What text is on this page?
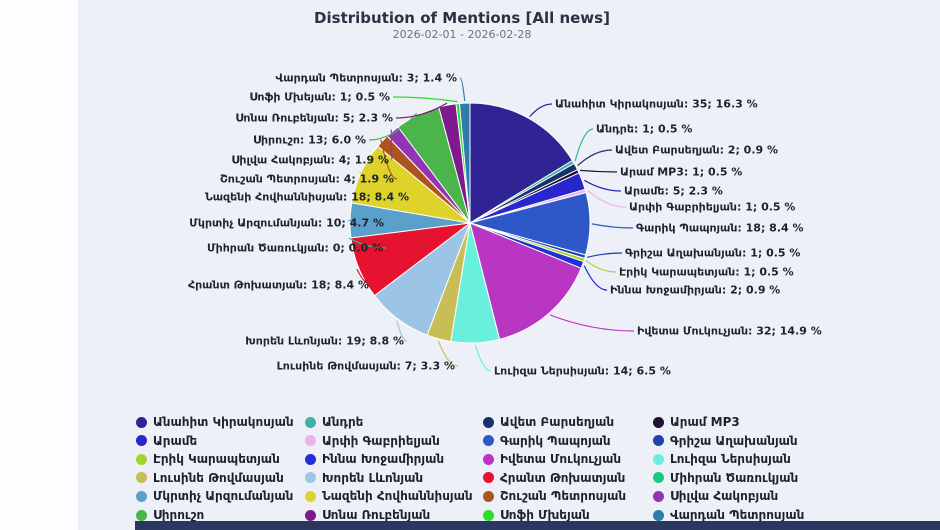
Distribution of Mentions [All news]
2026-02-01 - 2026-02-28
Անահիտ Կիրակոսյան: 35; 16.3 %
Անդրե: 1; 0.5 %
Ավետ Բարսեղյան: 2; 0.9 %
Արամ MP3: 1; 0.5 %
Արամե: 5; 2.3 %
Արփի Գաբրիելյան: 1; 0.5 %
Գարիկ Պապոյան: 18; 8.4 %
Գրիշա Աղախանյան: 1; 0.5 %
Էրիկ Կարապետյան: 1; 0.5 %
Իննա Խոջամիրյան: 2; 0.9 %
Իվետա Մուկուչյան: 32; 14.9 %
Լուիզա Ներսիսյան: 14; 6.5 %
Լուսինե Թովմասյան: 7; 3.3 %
Խորեն Լևոնյան: 19; 8.8 %
Հրանտ Թոխատյան: 18; 8.4 %
Միհրան Ծառուկյան: 0; 0.0 %
Մկրտիչ Արզումանյան: 10; 4.7 %
Նազենի Հովհաննիսյան: 18; 8.4 %
Շուշան Պետրոսյան: 4; 1.9 %
Սիլվա Հակոբյան: 4; 1.9 %
Սիրուշո: 13; 6.0 %
Սոնա Ռուբենյան: 5; 2.3 %
Սոֆի Մխեյան: 1; 0.5 %
Վարդան Պետրոսյան: 3; 1.4 %
Անահիտ Կիրակոսյան Անդրե	Ավետ Բարսեղյան	Արամ MP3
Արամե	Արփի Գաբրիելյան	Գարիկ Պապոյան	Գրիշա Աղախանյան
Էրիկ Կարապետյան	Իննա Խոջամիրյան	Իվետա Մուկուչյան	Լուիզա Ներսիսյան
Լուսինե Թովմասյան	Խորեն Լևոնյան	Հրանտ Թոխատյան	Միհրան Ծառուկյան
Մկրտիչ Արզումանյան Նազենի Հովհաննիսյան Շուշան Պետրոսյան	Սիլվա Հակոբյան
Սիրուշո	Սոնա Ռուբենյան	Սոֆի Մխեյան	Վարդան Պետրոսյան
